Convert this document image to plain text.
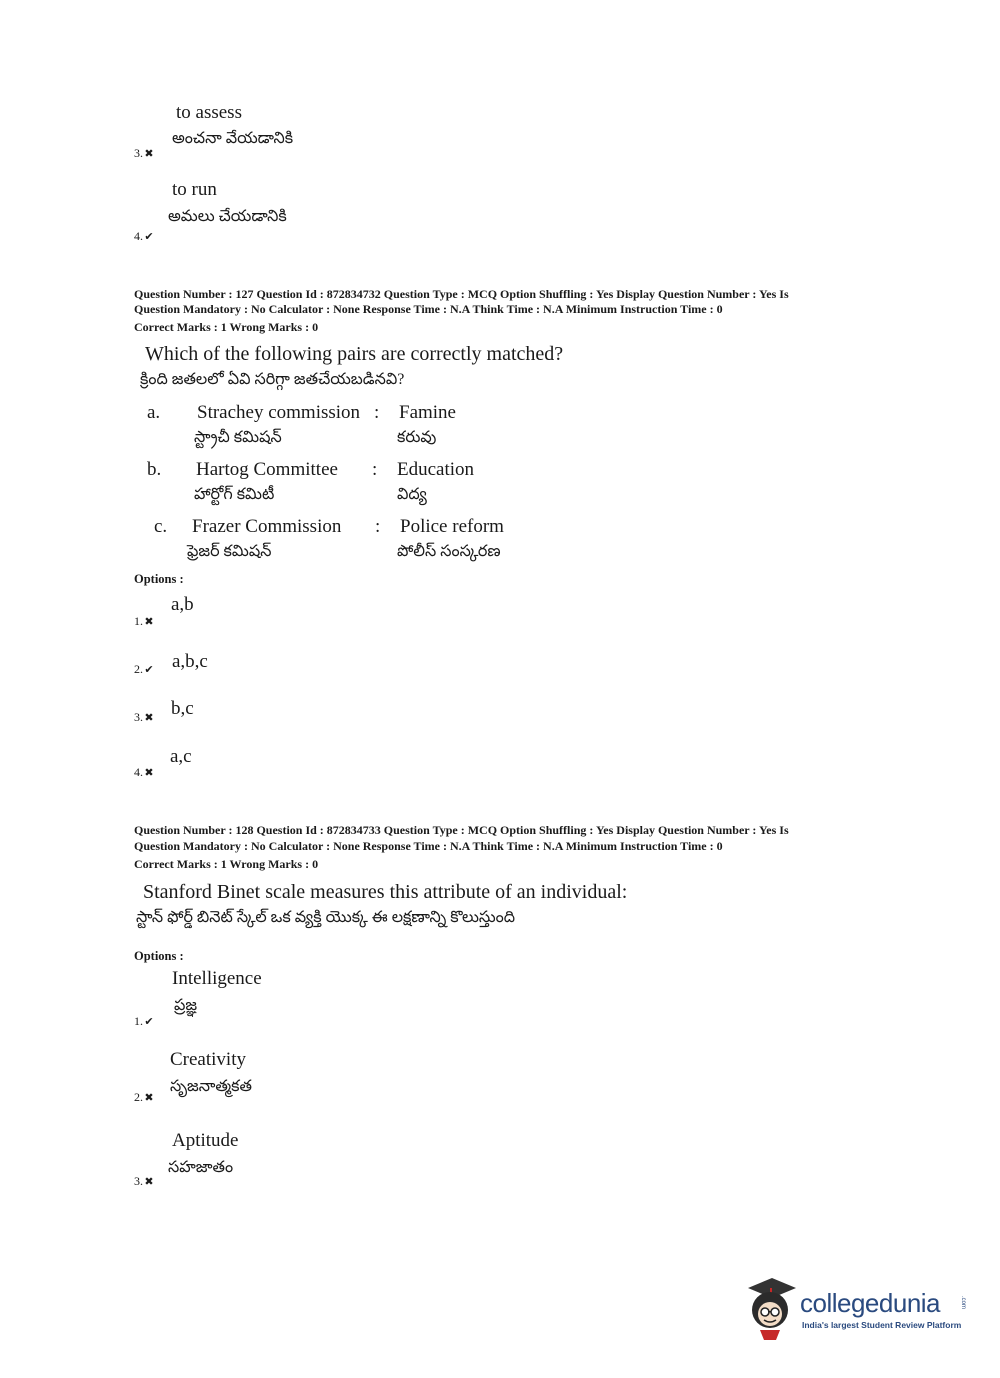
to assess
అంచనా వేయడానికి
3.✖
to run
అమలు చేయడానికి
4.✔
Question Number : 127 Question Id : 872834732 Question Type : MCQ Option Shuffling : Yes Display Question Number : Yes Is
Question Mandatory : No Calculator : None Response Time : N.A Think Time : N.A Minimum Instruction Time : 0
Correct Marks : 1 Wrong Marks : 0
Which of the following pairs are correctly matched?
క్రింది జతలలో ఏవి సరిగ్గా జతచేయబడినవి?
a. Strachey commission
స్ట్రాచీ కమిషన్
: Famine
కరువు
b. Hartog Committee
హార్టోగ్ కమిటీ
: Education
విద్య
c. Frazer Commission
ఫ్రెజర్ కమిషన్
: Police reform
పోలీస్ సంస్కరణ
Options :
a,b
1.✖
a,b,c
2.✔
b,c
3.✖
a,c
4.✖
Question Number : 128 Question Id : 872834733 Question Type : MCQ Option Shuffling : Yes Display Question Number : Yes Is
Question Mandatory : No Calculator : None Response Time : N.A Think Time : N.A Minimum Instruction Time : 0
Correct Marks : 1 Wrong Marks : 0
Stanford Binet scale measures this attribute of an individual:
స్టాన్ ఫోర్డ్ బినెట్ స్కేల్ ఒక వ్యక్తి యొక్క ఈ లక్షణాన్ని కొలుస్తుంది
Options :
Intelligence
ప్రజ్ఞ
1.✔
Creativity
సృజనాత్మకత
2.✖
Aptitude
సహజాతం
3.✖
collegedunia	.com
India's largest Student Review Platform
